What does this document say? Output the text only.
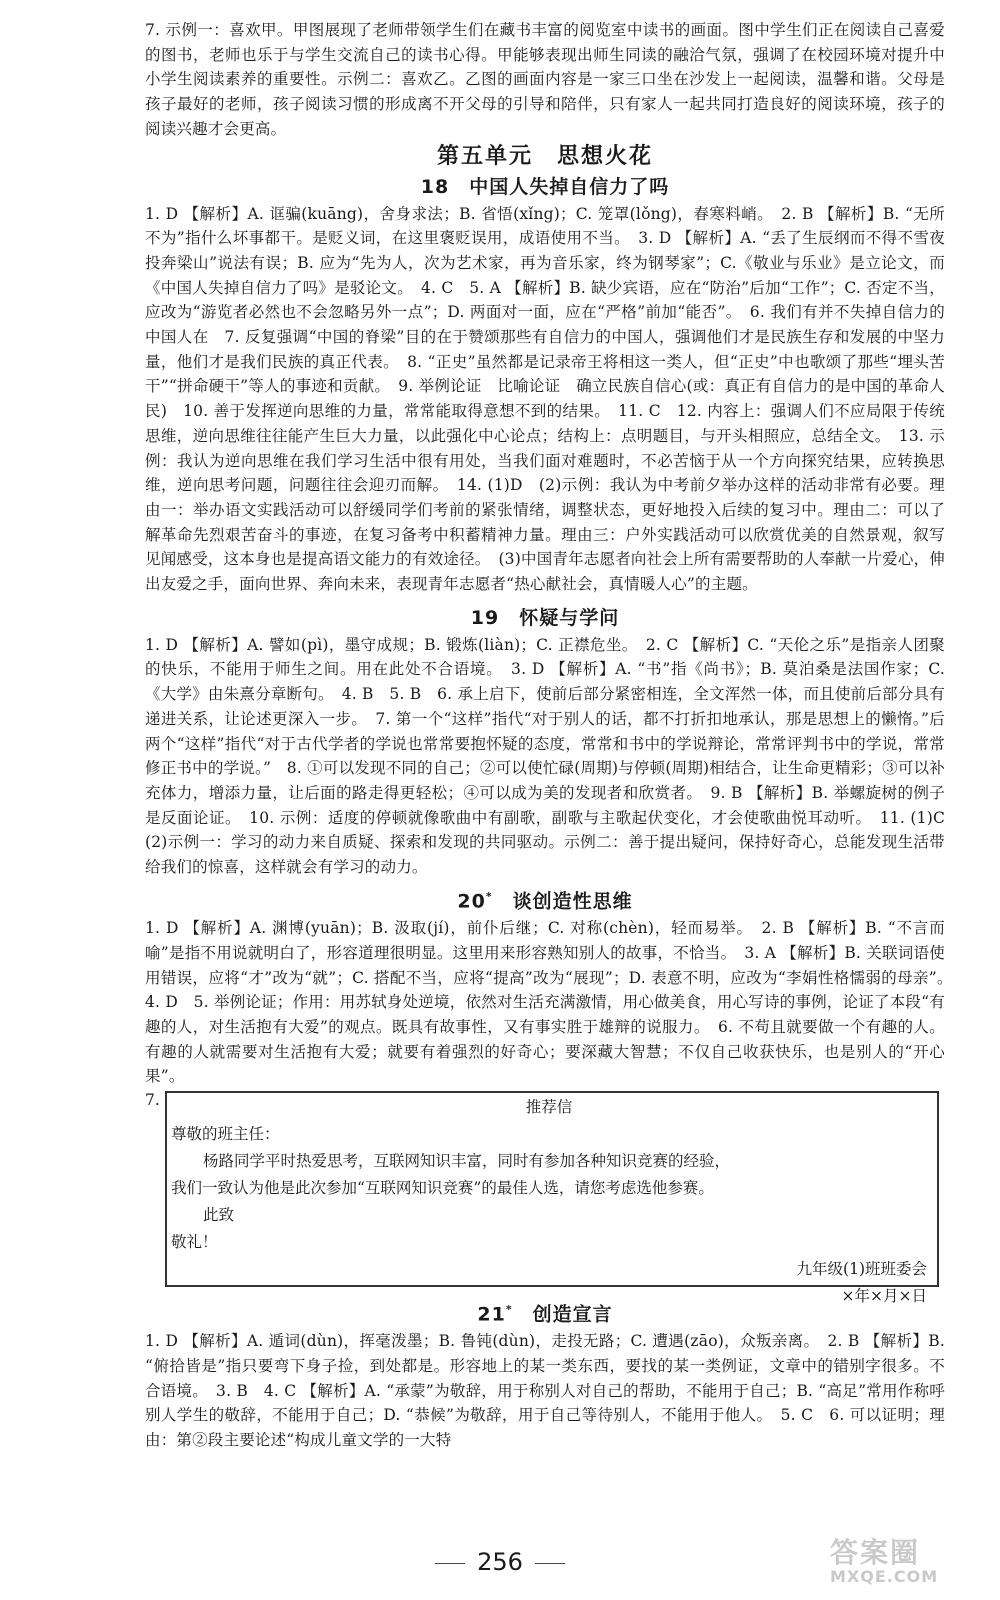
7. 示例一：喜欢甲。甲图展现了老师带领学生们在藏书丰富的阅览室中读书的画面。图中学生们正在阅读自己喜爱的图书，老师也乐于与学生交流自己的读书心得。甲能够表现出师生同读的融洽气氛，强调了在校园环境对提升中小学生阅读素养的重要性。示例二：喜欢乙。乙图的画面内容是一家三口坐在沙发上一起阅读，温馨和谐。父母是孩子最好的老师，孩子阅读习惯的形成离不开父母的引导和陪伴，只有家人一起共同打造良好的阅读环境，孩子的阅读兴趣才会更高。

第五单元　思想火花

18　中国人失掉自信力了吗

1. D 【解析】A. 诓骗(kuāng)，舍身求法；B. 省悟(xǐng)；C. 笼罩(lǒng)，春寒料峭。　2. B 【解析】B. “无所不为”指什么坏事都干。是贬义词，在这里褒贬误用，成语使用不当。　3. D 【解析】A. “丢了生辰纲而不得不雪夜投奔梁山”说法有误；B. 应为“先为人，次为艺术家，再为音乐家，终为钢琴家”；C.《敬业与乐业》是立论文，而《中国人失掉自信力了吗》是驳论文。　4. C　5. A 【解析】B. 缺少宾语，应在“防治”后加“工作”；C. 否定不当，应改为“游览者必然也不会忽略另外一点”；D. 两面对一面，应在“严格”前加“能否”。　6. 我们有并不失掉自信力的中国人在　7. 反复强调“中国的脊梁”目的在于赞颂那些有自信力的中国人，强调他们才是民族生存和发展的中坚力量，他们才是我们民族的真正代表。　8. “正史”虽然都是记录帝王将相这一类人，但“正史”中也歌颂了那些“埋头苦干”“拼命硬干”等人的事迹和贡献。　9. 举例论证　比喻论证　确立民族自信心(或：真正有自信力的是中国的革命人民)　10. 善于发挥逆向思维的力量，常常能取得意想不到的结果。　11. C　12. 内容上：强调人们不应局限于传统思维，逆向思维往往能产生巨大力量，以此强化中心论点；结构上：点明题目，与开头相照应，总结全文。　13. 示例：我认为逆向思维在我们学习生活中很有用处，当我们面对难题时，不必苦恼于从一个方向探究结果，应转换思维，逆向思考问题，问题往往会迎刃而解。　14. (1)D　(2)示例：我认为中考前夕举办这样的活动非常有必要。理由一：举办语文实践活动可以舒缓同学们考前的紧张情绪，调整状态，更好地投入后续的复习中。理由二：可以了解革命先烈艰苦奋斗的事迹，在复习备考中积蓄精神力量。理由三：户外实践活动可以欣赏优美的自然景观，叙写见闻感受，这本身也是提高语文能力的有效途径。　(3)中国青年志愿者向社会上所有需要帮助的人奉献一片爱心，伸出友爱之手，面向世界、奔向未来，表现青年志愿者“热心献社会，真情暖人心”的主题。

19　怀疑与学问

1. D 【解析】A. 譬如(pì)，墨守成规；B. 锻炼(liàn)；C. 正襟危坐。　2. C 【解析】C. “天伦之乐”是指亲人团聚的快乐，不能用于师生之间。用在此处不合语境。　3. D 【解析】A. “书”指《尚书》；B. 莫泊桑是法国作家；C.《大学》由朱熹分章断句。　4. B　5. B　6. 承上启下，使前后部分紧密相连，全文浑然一体，而且使前后部分具有递进关系，让论述更深入一步。　7. 第一个“这样”指代“对于别人的话，都不打折扣地承认，那是思想上的懒惰。”后两个“这样”指代“对于古代学者的学说也常常要抱怀疑的态度，常常和书中的学说辩论，常常评判书中的学说，常常修正书中的学说。”　8. ①可以发现不同的自己；②可以使忙碌(周期)与停顿(周期)相结合，让生命更精彩；③可以补充体力，增添力量，让后面的路走得更轻松；④可以成为美的发现者和欣赏者。　9. B 【解析】B. 举螺旋树的例子是反面论证。　10. 示例：适度的停顿就像歌曲中有副歌，副歌与主歌起伏变化，才会使歌曲悦耳动听。　11. (1)C　(2)示例一：学习的动力来自质疑、探索和发现的共同驱动。示例二：善于提出疑问，保持好奇心，总能发现生活带给我们的惊喜，这样就会有学习的动力。

20*　谈创造性思维

1. D 【解析】A. 渊博(yuān)；B. 汲取(jí)，前仆后继；C. 对称(chèn)，轻而易举。　2. B 【解析】B. “不言而喻”是指不用说就明白了，形容道理很明显。这里用来形容熟知别人的故事，不恰当。　3. A 【解析】B. 关联词语使用错误，应将“才”改为“就”；C. 搭配不当，应将“提高”改为“展现”；D. 表意不明，应改为“李娟性格懦弱的母亲”。　4. D　5. 举例论证；作用：用苏轼身处逆境，依然对生活充满激情，用心做美食，用心写诗的事例，论证了本段“有趣的人，对生活抱有大爱”的观点。既具有故事性，又有事实胜于雄辩的说服力。　6. 不苟且就要做一个有趣的人。有趣的人就需要对生活抱有大爱；就要有着强烈的好奇心；要深藏大智慧；不仅自己收获快乐，也是别人的“开心果”。

7.	推荐信

尊敬的班主任：

杨路同学平时热爱思考，互联网知识丰富，同时有参加各种知识竞赛的经验，

我们一致认为他是此次参加“互联网知识竞赛”的最佳人选，请您考虑选他参赛。

此致

敬礼！

九年级(1)班班委会

×年×月×日

21*　创造宣言

1. D 【解析】A. 遁词(dùn)，挥毫泼墨；B. 鲁钝(dùn)，走投无路；C. 遭遇(zāo)，众叛亲离。　2. B 【解析】B. “俯拾皆是”指只要弯下身子捡，到处都是。形容地上的某一类东西，要找的某一类例证，文章中的错别字很多。不合语境。　3. B　4. C 【解析】A. “承蒙”为敬辞，用于称别人对自己的帮助，不能用于自己；B. “高足”常用作称呼别人学生的敬辞，不能用于自己；D. “恭候”为敬辞，用于自己等待别人，不能用于他人。　5. C　6. 可以证明；理由：第②段主要论述“构成儿童文学的一大特

256	答案圈
MXQE.COM
